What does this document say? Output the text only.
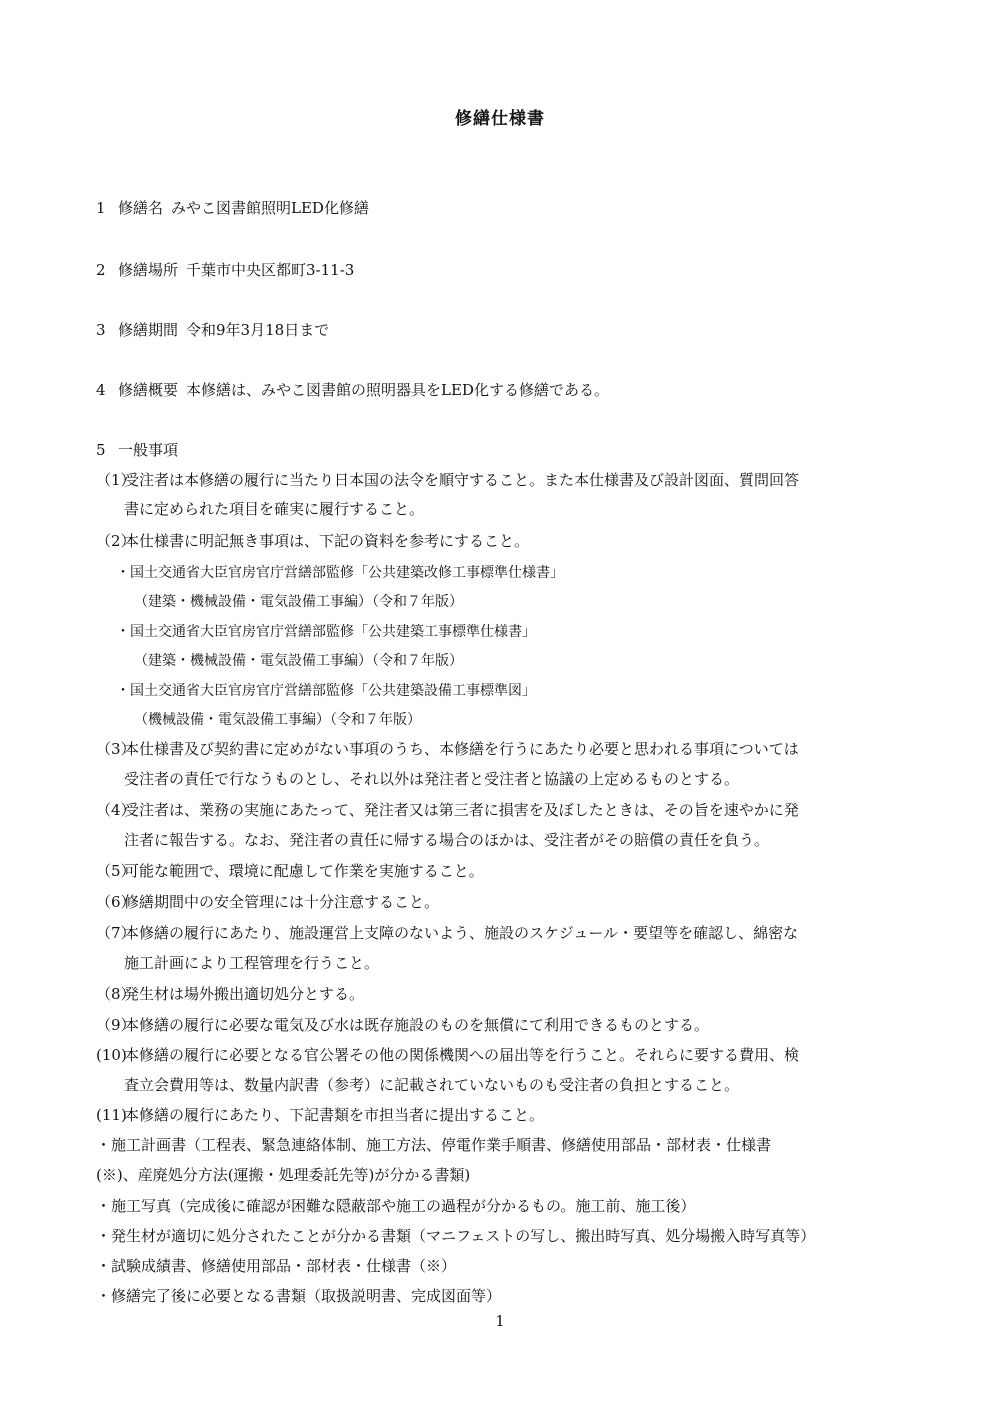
修繕仕様書
1 修繕名 みやこ図書館照明LED化修繕
2 修繕場所 千葉市中央区都町3-11-3
3 修繕期間 令和9年3月18日まで
4 修繕概要 本修繕は、みやこ図書館の照明器具をLED化する修繕である。
5 一般事項
（1）受注者は本修繕の履行に当たり日本国の法令を順守すること。また本仕様書及び設計図面、質問回答
書に定められた項目を確実に履行すること。
（2）本仕様書に明記無き事項は、下記の資料を参考にすること。
・国土交通省大臣官房官庁営繕部監修「公共建築改修工事標準仕様書」
（建築・機械設備・電気設備工事編）（令和７年版）
・国土交通省大臣官房官庁営繕部監修「公共建築工事標準仕様書」
（建築・機械設備・電気設備工事編）（令和７年版）
・国土交通省大臣官房官庁営繕部監修「公共建築設備工事標準図」
（機械設備・電気設備工事編）（令和７年版）
（3）本仕様書及び契約書に定めがない事項のうち、本修繕を行うにあたり必要と思われる事項については
受注者の責任で行なうものとし、それ以外は発注者と受注者と協議の上定めるものとする。
（4）受注者は、業務の実施にあたって、発注者又は第三者に損害を及ぼしたときは、その旨を速やかに発
注者に報告する。なお、発注者の責任に帰する場合のほかは、受注者がその賠償の責任を負う。
（5）可能な範囲で、環境に配慮して作業を実施すること。
（6）修繕期間中の安全管理には十分注意すること。
（7）本修繕の履行にあたり、施設運営上支障のないよう、施設のスケジュール・要望等を確認し、綿密な
施工計画により工程管理を行うこと。
（8）発生材は場外搬出適切処分とする。
（9）本修繕の履行に必要な電気及び水は既存施設のものを無償にて利用できるものとする。
(10)本修繕の履行に必要となる官公署その他の関係機関への届出等を行うこと。それらに要する費用、検
査立会費用等は、数量内訳書（参考）に記載されていないものも受注者の負担とすること。
(11)本修繕の履行にあたり、下記書類を市担当者に提出すること。
・施工計画書（工程表、緊急連絡体制、施工方法、停電作業手順書、修繕使用部品・部材表・仕様書
(※)、産廃処分方法(運搬・処理委託先等)が分かる書類)
・施工写真（完成後に確認が困難な隠蔽部や施工の過程が分かるもの。施工前、施工後）
・発生材が適切に処分されたことが分かる書類（マニフェストの写し、搬出時写真、処分場搬入時写真等）
・試験成績書、修繕使用部品・部材表・仕様書（※）
・修繕完了後に必要となる書類（取扱説明書、完成図面等）
1
